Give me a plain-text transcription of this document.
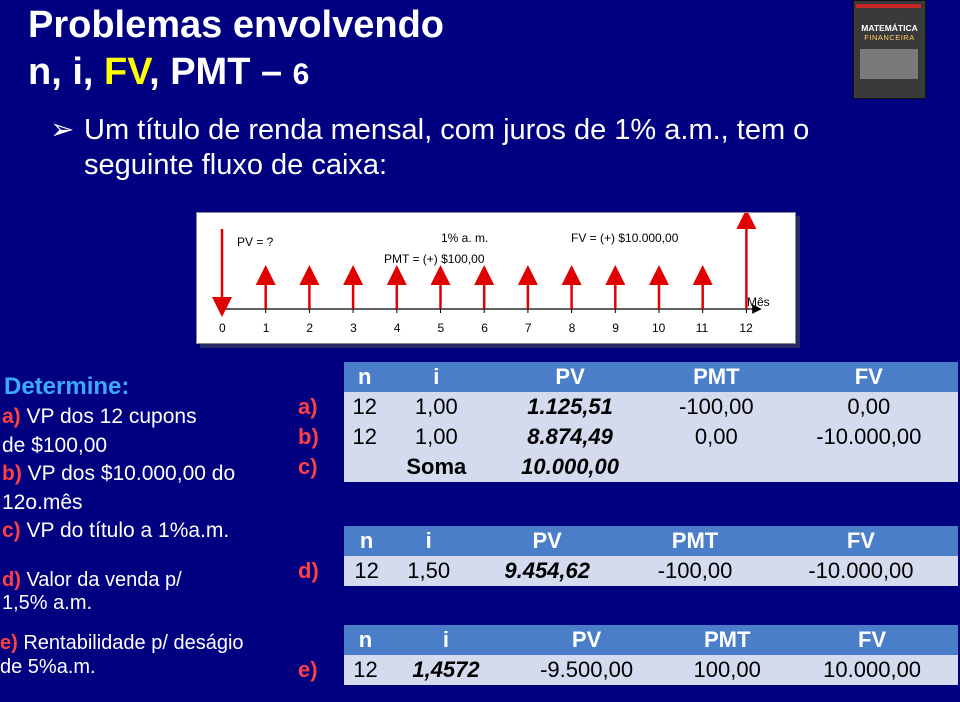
Problemas envolvendo
n, i, FV, PMT – 6
MATEMÁTICA
FINANCEIRA
➢ Um título de renda mensal, com juros de 1% a.m., tem o seguinte fluxo de caixa:
PV = ?	1% a. m.
PMT = (+) $100,00
FV = (+) $10.000,00
Mês
0	1	2	3	4	5	6	7	8	9	10	11	12
Determine:
a) VP dos 12 cupons
de $100,00
b) VP dos $10.000,00 do
12o.mês
c) VP do título a 1%a.m.
d) Valor da venda p/
1,5% a.m.
e) Rentabilidade p/ deságio
de 5%a.m.
	n	i	PV	PMT	FV
a)	12	1,00	1.125,51	-100,00	0,00
b)	12	1,00	8.874,49	0,00	-10.000,00
c)		Soma	10.000,00		
	n	i	PV	PMT	FV
d)	12	1,50	9.454,62	-100,00	-10.000,00
	n	i	PV	PMT	FV
e)	12	1,4572	-9.500,00	100,00	10.000,00
